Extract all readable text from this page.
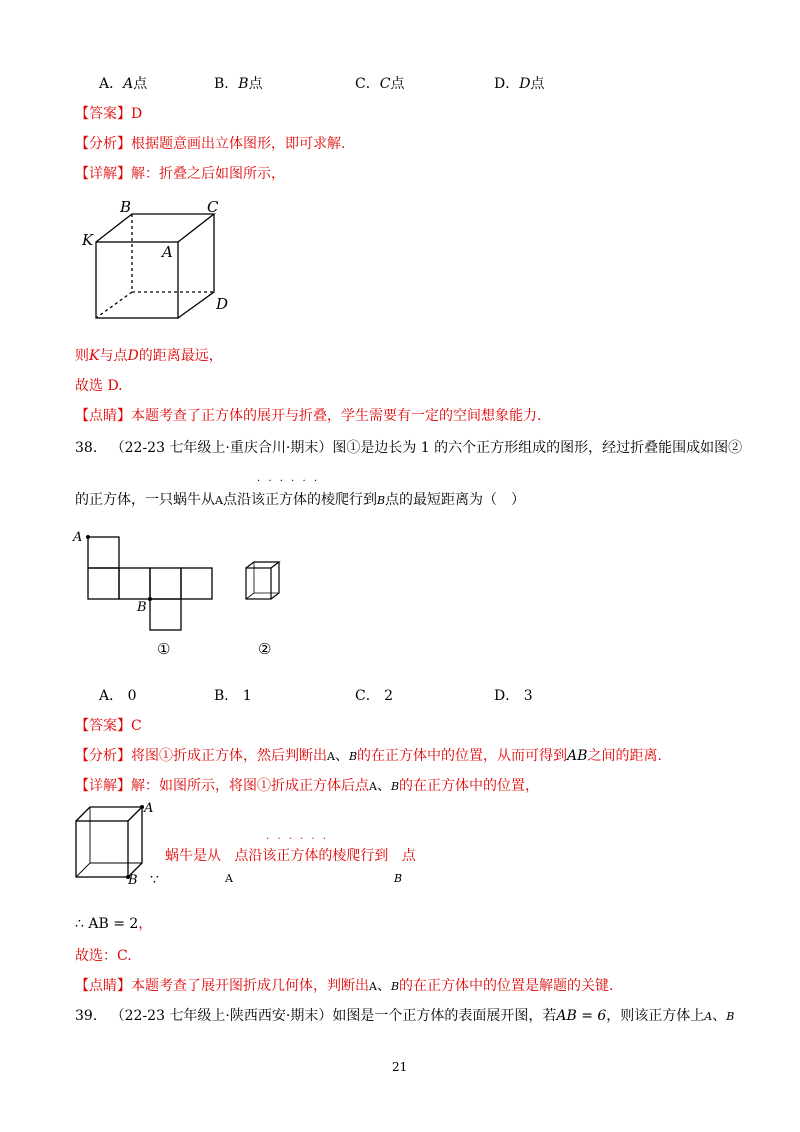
A．A点	B．B点	C．C点	D．D点
【答案】D
【分析】根据题意画出立体图形，即可求解.
【详解】解：折叠之后如图所示，
B	C
K
A
D
则K与点D的距离最远，
故选 D.
【点睛】本题考查了正方体的展开与折叠，学生需要有一定的空间想象能力.
38. （22-23 七年级上·重庆合川·期末）图①是边长为 1 的六个正方形组成的图形，经过折叠能围成如图②
······
的正方体，一只蜗牛从A点沿该正方体的棱爬行到B点的最短距离为（　）
A
B
①	②
A． 0	B． 1	C． 2	D． 3
【答案】C
【分析】将图①折成正方体，然后判断出A、B的在正方体中的位置，从而可得到AB之间的距离.
【详解】解：如图所示，将图①折成正方体后点A、B的在正方体中的位置，
A
B ∵
······
蜗牛是从 点沿该正方体的棱爬行到 点
A	B
∴ AB = 2，
故选：C.
【点睛】本题考查了展开图折成几何体，判断出A、B的在正方体中的位置是解题的关键.
39. （22-23 七年级上·陕西西安·期末）如图是一个正方体的表面展开图，若AB = 6，则该正方体上A、B
21
